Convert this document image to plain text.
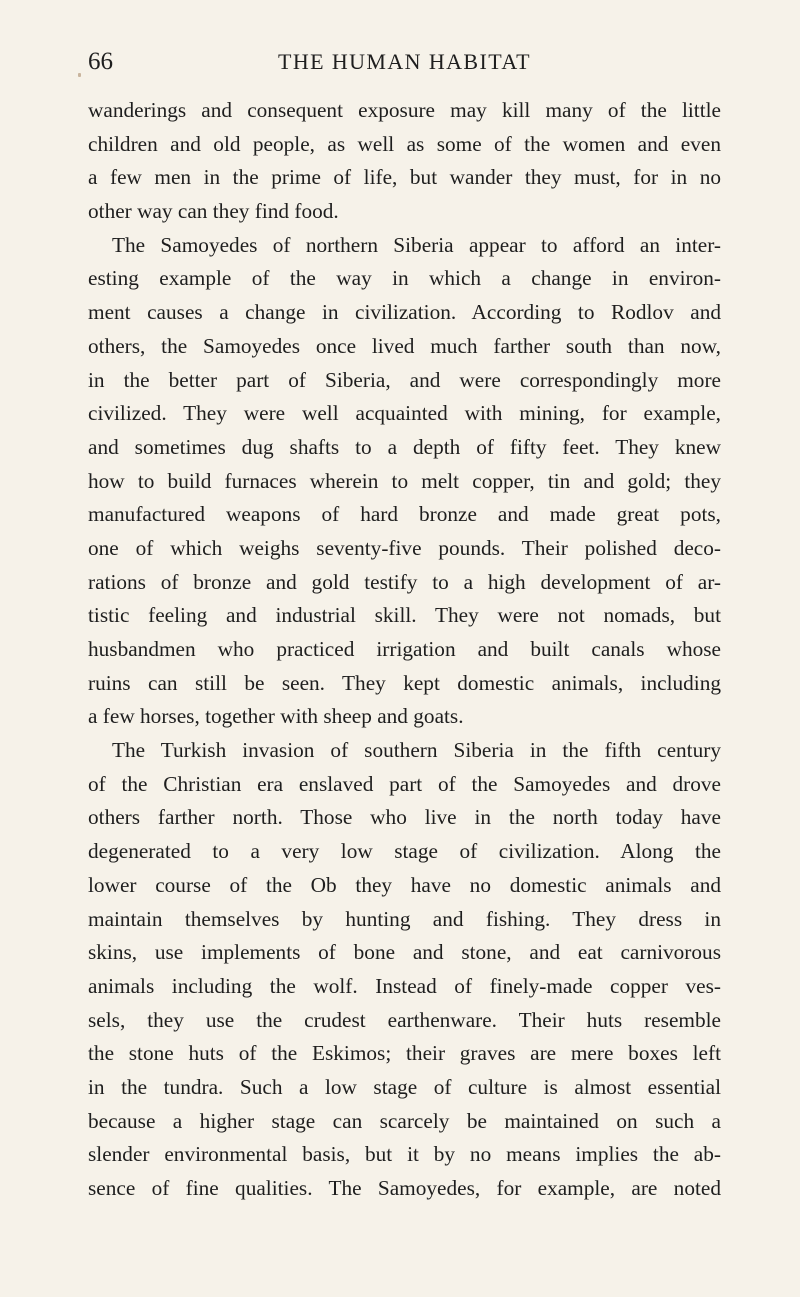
66	THE HUMAN HABITAT
wanderings and consequent exposure may kill many of the little
children and old people, as well as some of the women and even
a few men in the prime of life, but wander they must, for in no
other way can they find food.
The Samoyedes of northern Siberia appear to afford an inter-
esting example of the way in which a change in environ-
ment causes a change in civilization. According to Rodlov and
others, the Samoyedes once lived much farther south than now,
in the better part of Siberia, and were correspondingly more
civilized. They were well acquainted with mining, for example,
and sometimes dug shafts to a depth of fifty feet. They knew
how to build furnaces wherein to melt copper, tin and gold; they
manufactured weapons of hard bronze and made great pots,
one of which weighs seventy-five pounds. Their polished deco-
rations of bronze and gold testify to a high development of ar-
tistic feeling and industrial skill. They were not nomads, but
husbandmen who practiced irrigation and built canals whose
ruins can still be seen. They kept domestic animals, including
a few horses, together with sheep and goats.
The Turkish invasion of southern Siberia in the fifth century
of the Christian era enslaved part of the Samoyedes and drove
others farther north. Those who live in the north today have
degenerated to a very low stage of civilization. Along the
lower course of the Ob they have no domestic animals and
maintain themselves by hunting and fishing. They dress in
skins, use implements of bone and stone, and eat carnivorous
animals including the wolf. Instead of finely-made copper ves-
sels, they use the crudest earthenware. Their huts resemble
the stone huts of the Eskimos; their graves are mere boxes left
in the tundra. Such a low stage of culture is almost essential
because a higher stage can scarcely be maintained on such a
slender environmental basis, but it by no means implies the ab-
sence of fine qualities. The Samoyedes, for example, are noted
